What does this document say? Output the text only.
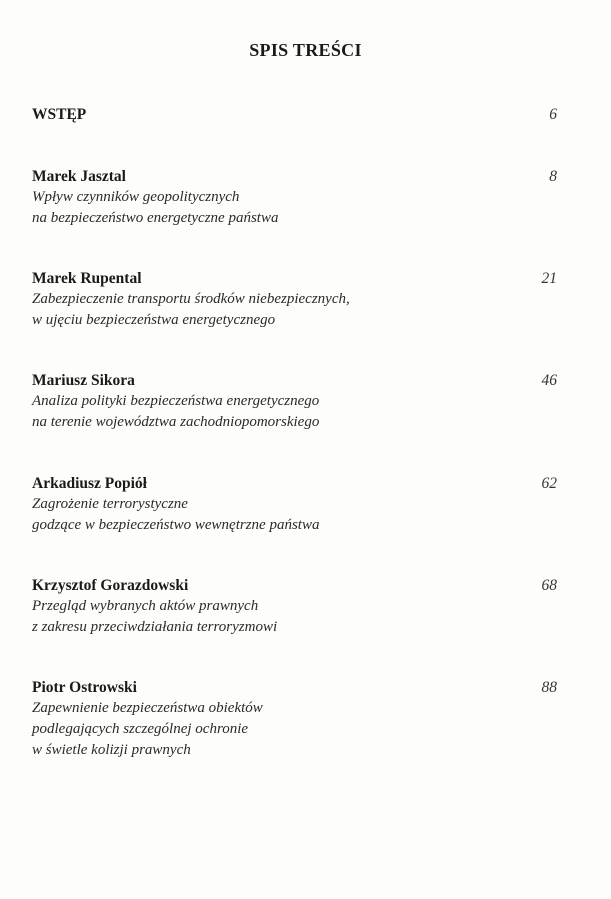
SPIS TREŚCI
WSTĘP	6
Marek Jasztal	8
Wpływ czynników geopolitycznych
na bezpieczeństwo energetyczne państwa
Marek Rupental	21
Zabezpieczenie transportu środków niebezpiecznych,
w ujęciu bezpieczeństwa energetycznego
Mariusz Sikora	46
Analiza polityki bezpieczeństwa energetycznego
na terenie województwa zachodniopomorskiego
Arkadiusz Popiół	62
Zagrożenie terrorystyczne
godzące w bezpieczeństwo wewnętrzne państwa
Krzysztof Gorazdowski	68
Przegląd wybranych aktów prawnych
z zakresu przeciwdziałania terroryzmowi
Piotr Ostrowski	88
Zapewnienie bezpieczeństwa obiektów
podlegających szczególnej ochronie
w świetle kolizji prawnych
